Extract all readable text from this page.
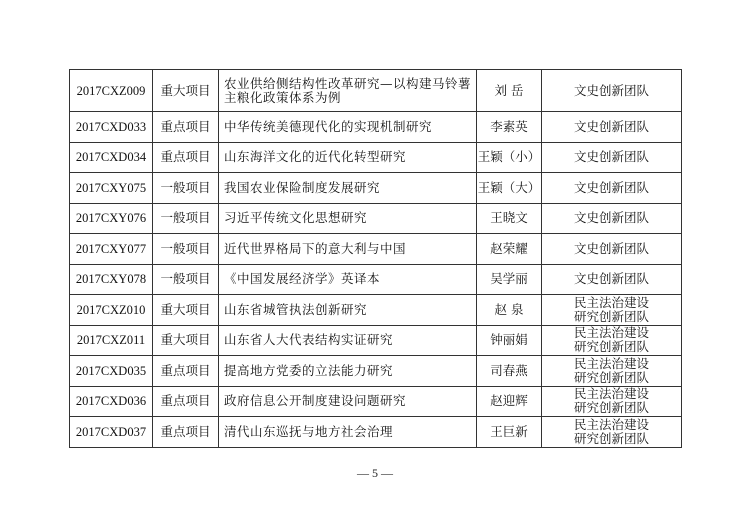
2017CXZ009	重大项目	农业供给侧结构性改革研究—以构建马铃薯主粮化政策体系为例	刘 岳	文史创新团队

2017CXD033	重点项目	中华传统美德现代化的实现机制研究	李素英	文史创新团队

2017CXD034	重点项目	山东海洋文化的近代化转型研究	王颖（小）	文史创新团队

2017CXY075	一般项目	我国农业保险制度发展研究	王颖（大）	文史创新团队

2017CXY076	一般项目	习近平传统文化思想研究	王晓文	文史创新团队

2017CXY077	一般项目	近代世界格局下的意大利与中国	赵荣耀	文史创新团队

2017CXY078	一般项目	《中国发展经济学》英译本	吴学丽	文史创新团队

2017CXZ010	重大项目	山东省城管执法创新研究	赵 泉	民主法治建设
研究创新团队

2017CXZ011	重大项目	山东省人大代表结构实证研究	钟丽娟	民主法治建设
研究创新团队

2017CXD035	重点项目	提高地方党委的立法能力研究	司春燕	民主法治建设
研究创新团队

2017CXD036	重点项目	政府信息公开制度建设问题研究	赵迎辉	民主法治建设
研究创新团队

2017CXD037	重点项目	清代山东巡抚与地方社会治理	王巨新	民主法治建设
研究创新团队
— 5 —
